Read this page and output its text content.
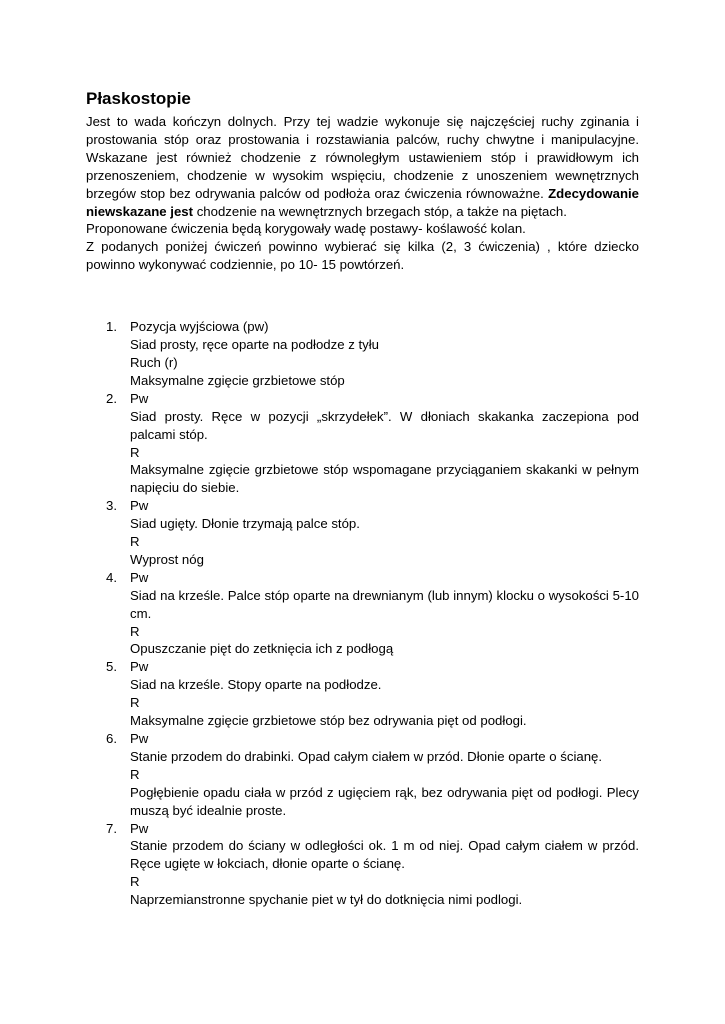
Płaskostopie

Jest to wada kończyn dolnych. Przy tej wadzie wykonuje się najczęściej ruchy zginania i prostowania stóp oraz prostowania i rozstawiania palców, ruchy chwytne i manipulacyjne. Wskazane jest również chodzenie z równoległym ustawieniem stóp i prawidłowym ich przenoszeniem, chodzenie w wysokim wspięciu, chodzenie z unoszeniem wewnętrznych brzegów stop bez odrywania palców od podłoża oraz ćwiczenia równoważne. Zdecydowanie niewskazane jest chodzenie na wewnętrznych brzegach stóp, a także na piętach.

Proponowane ćwiczenia będą korygowały wadę postawy- koślawość kolan.

Z podanych poniżej ćwiczeń powinno wybierać się kilka (2, 3 ćwiczenia) , które dziecko powinno wykonywać codziennie, po 10- 15 powtórzeń.

1. Pozycja wyjściowa (pw)
Siad prosty, ręce oparte na podłodze z tyłu
Ruch (r)
Maksymalne zgięcie grzbietowe stóp
2. Pw
Siad prosty. Ręce w pozycji „skrzydełek”. W dłoniach skakanka zaczepiona pod palcami stóp.
R
Maksymalne zgięcie grzbietowe stóp wspomagane przyciąganiem skakanki w pełnym napięciu do siebie.
3. Pw
Siad ugięty. Dłonie trzymają palce stóp.
R
Wyprost nóg
4. Pw
Siad na krześle. Palce stóp oparte na drewnianym (lub innym) klocku o wysokości 5-10 cm.
R
Opuszczanie pięt do zetknięcia ich z podłogą
5. Pw
Siad na krześle. Stopy oparte na podłodze.
R
Maksymalne zgięcie grzbietowe stóp bez odrywania pięt od podłogi.
6. Pw
Stanie przodem do drabinki. Opad całym ciałem w przód. Dłonie oparte o ścianę.
R
Pogłębienie opadu ciała w przód z ugięciem rąk, bez odrywania pięt od podłogi. Plecy muszą być idealnie proste.
7. Pw
Stanie przodem do ściany w odległości ok. 1 m od niej. Opad całym ciałem w przód. Ręce ugięte w łokciach, dłonie oparte o ścianę.
R
Naprzemianstronne spychanie piet w tył do dotknięcia nimi podlogi.
